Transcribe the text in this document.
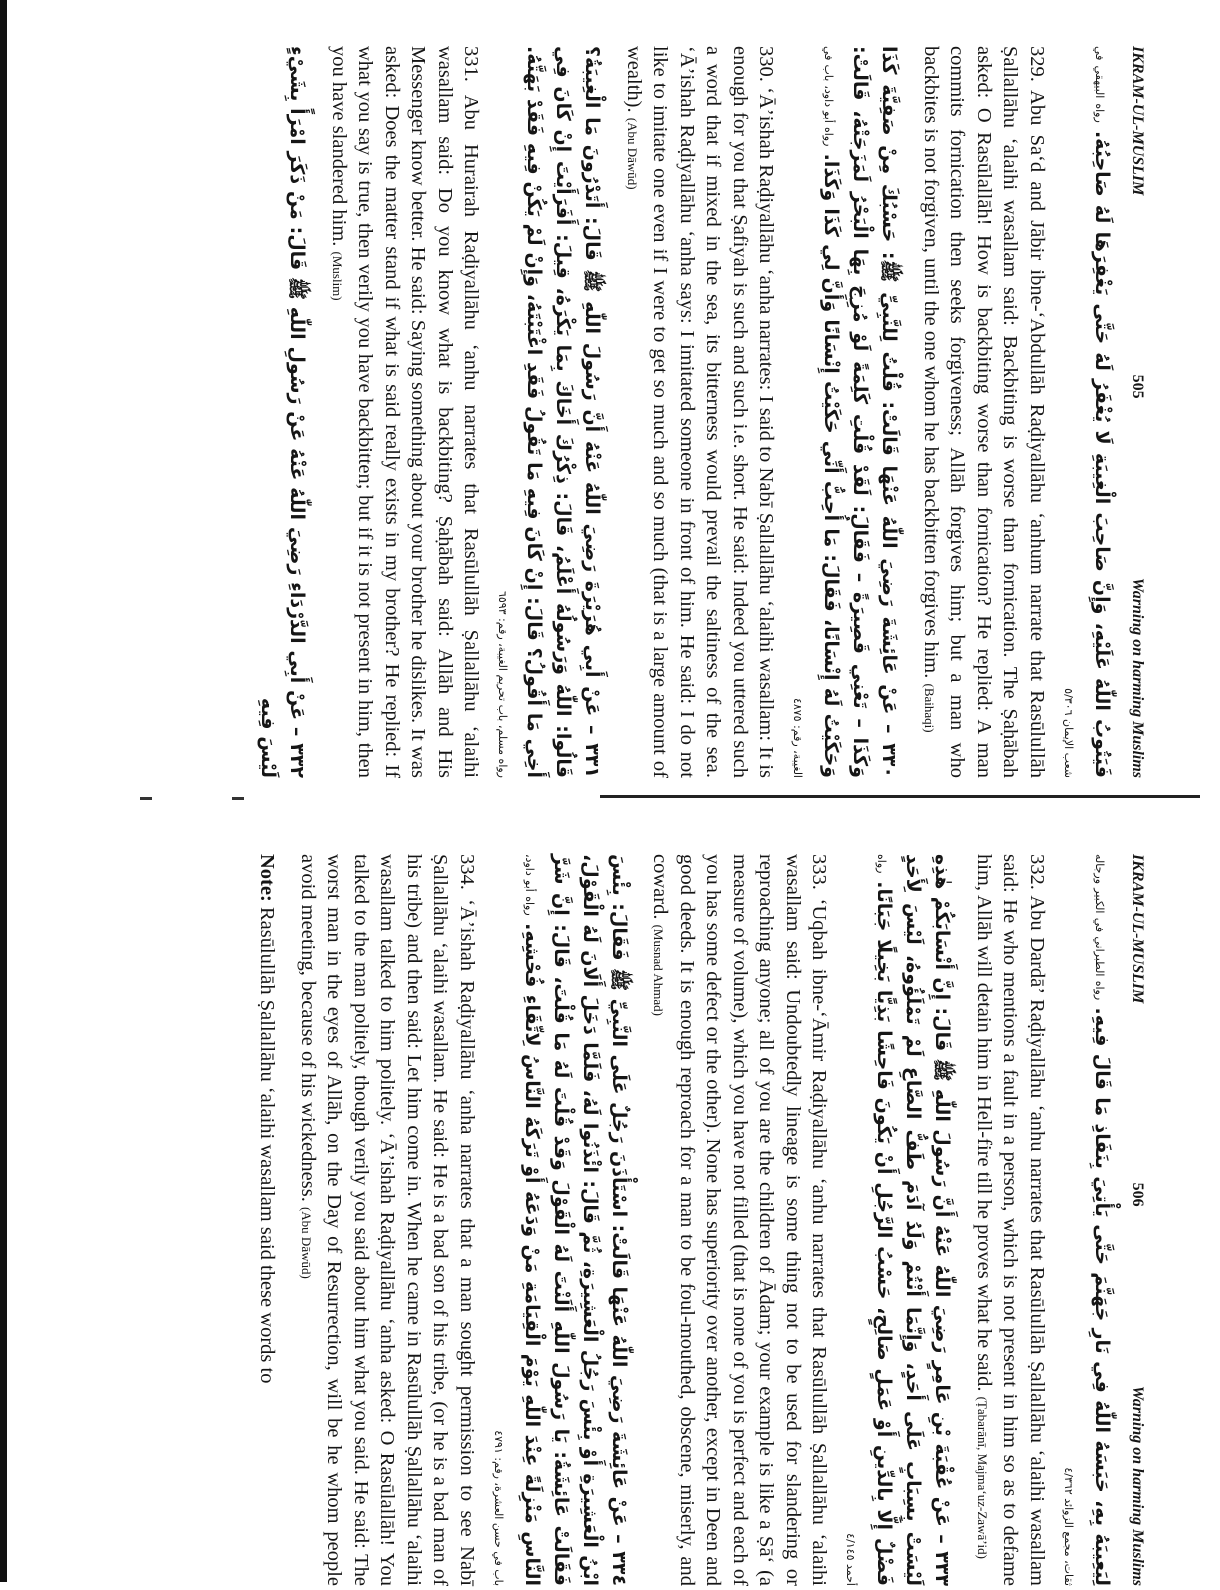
IKRAM-UL-MUSLIM
505
Warning on harming Muslims

فَيَتُوبُ اللّٰهُ عَلَيْهِ، وَإِنَّ صَاحِبَ الْغِيبَةِ لَا يُغْفَرُ لَهُ حَتَّى يَغْفِرَهَا لَهُ صَاحِبُهُ. رواه البيهقي في شعب الإيمان ٥/٣٠٦

329. Abu Sa‘d and Jābir ibne-‘Abdullāh Raḍiyallāhu ‘anhum narrate that Rasūlullāh Ṣallallāhu ‘alaihi wasallam said: Backbiting is worse than fornication. The Ṣaḥābah asked: O Rasūlallāh! How is backbiting worse than fornication? He replied: A man commits fornication then seeks forgiveness; Allāh forgives him; but a man who backbites is not forgiven, until the one whom he has backbitten forgives him. (Baihaqi)

٣٣٠ – عَنْ عَائِشَةَ رَضِيَ اللّٰهُ عَنْهَا قَالَتْ: قُلْتُ لِلنَّبِيِّ ﷺ: حَسْبُكَ مِنْ صَفِيَّةَ كَذَا وَكَذَا – تَعْنِي قَصِيرَةً – فَقَالَ: لَقَدْ قُلْتِ كَلِمَةً لَوْ مُزِجَ بِهَا الْبَحْرُ لَمَزَجَتْهُ، قَالَتْ: وَحَكَيْتُ لَهُ إِنْسَانًا، فَقَالَ: مَا أُحِبُّ أَنِّي حَكَيْتُ إِنْسَانًا وَأَنَّ لِي كَذَا وَكَذَا. رواه أبو داود، باب في الغيبة، رقم: ٤٨٧٥

330. ‘Ā’ishah Raḍiyallāhu ‘anha narrates: I said to Nabī Ṣallallāhu ‘alaihi wasallam: It is enough for you that Ṣafiyah is such and such i.e. short. He said: Indeed you uttered such a word that if mixed in the sea, its bitterness would prevail the saltiness of the sea. ‘Ā’ishah Raḍiyallāhu ‘anha says: I imitated someone in front of him. He said: I do not like to imitate one even if I were to get so much and so much (that is a large amount of wealth). (Abu Dāwūd)

٣٣١ – عَنْ أَبِي هُرَيْرَةَ رَضِيَ اللّٰهُ عَنْهُ أَنَّ رَسُولَ اللّٰهِ ﷺ قَالَ: أَتَدْرُونَ مَا الْغِيبَةُ؟ قَالُوا: اللّٰهُ وَرَسُولُهُ أَعْلَمُ، قَالَ: ذِكْرُكَ أَخَاكَ بِمَا يَكْرَهُ، قِيلَ: أَفَرَأَيْتَ إِنْ كَانَ فِي أَخِي مَا أَقُولُ؟ قَالَ: إِنْ كَانَ فِيهِ مَا تَقُولُ فَقَدِ اغْتَبْتَهُ، وَإِنْ لَمْ يَكُنْ فِيهِ فَقَدْ بَهَتَّهُ. رواه مسلم، باب تحريم الغيبة، رقم: ٦٥٩٣

331. Abu Hurairah Raḍiyallāhu ‘anhu narrates that Rasūlullāh Ṣallallāhu ‘alaihi wasallam said: Do you know what is backbiting? Ṣaḥābah said: Allāh and His Messenger know better. He said: Saying something about your brother he dislikes. It was asked: Does the matter stand if what is said really exists in my brother? He replied: If what you say is true, then verily you have backbitten; but if it is not present in him, then you have slandered him. (Muslim)

٣٣٢ – عَنْ أَبِي الدَّرْدَاءِ رَضِيَ اللّٰهُ عَنْهُ عَنْ رَسُولِ اللّٰهِ ﷺ قَالَ: مَنْ ذَكَرَ امْرَأً بِشَيْءٍ لَيْسَ فِيهِ

IKRAM-UL-MUSLIM
506
Warning on harming Muslims

لِيَعِيبَهُ بِهِ، حَبَسَهُ اللّٰهُ فِي نَارِ جَهَنَّمَ حَتَّى يَأْتِيَ بِنَفَاذِ مَا قَالَ فِيهِ. رواه الطبراني في الكبير ورجاله ثقات، مجمع الزوائد ٤/٣٦٢

332. Abu Dardā’ Raḍiyallāhu ‘anhu narrates that Rasūlullāh Ṣallallāhu ‘alaihi wasallam said: He who mentions a fault in a person, which is not present in him so as to defame him, Allāh will detain him in Hell-fire till he proves what he said. (Ṭabarānī, Majma‘uz-Zawā’id)

٣٣٣ – عَنْ عُقْبَةَ بْنِ عَامِرٍ رَضِيَ اللّٰهُ عَنْهُ أَنَّ رَسُولَ اللّٰهِ ﷺ قَالَ: إِنَّ أَنْسَابَكُمْ هٰذِهِ لَيْسَتْ بِسِبَابٍ عَلَى أَحَدٍ، وَإِنَّمَا أَنْتُمْ وَلَدُ آدَمَ طَفُّ الصَّاعِ لَمْ تَمْلَؤُوهُ، لَيْسَ لِأَحَدٍ فَضْلٌ إِلَّا بِالدِّينِ أَوْ عَمَلٍ صَالِحٍ، حَسْبُ الرَّجُلِ أَنْ يَكُونَ فَاحِشًا بَذِيًّا بَخِيلًا جَبَانًا. رواه أحمد ٤/١٤٥

333. ‘Uqbah ibne-‘Āmir Raḍiyallāhu ‘anhu narrates that Rasūlullāh Ṣallallāhu ‘alaihi wasallam said: Undoubtedly lineage is some thing not to be used for slandering or reproaching anyone; all of you are the children of Ādam; your example is like a Ṣā‘ (a measure of volume), which you have not filled (that is none of you is perfect and each of you has some defect or the other). None has superiority over another, except in Deen and good deeds. It is enough reproach for a man to be foul-mouthed, obscene, miserly, and coward. (Musnad Ahmad)

٣٣٤ – عَنْ عَائِشَةَ رَضِيَ اللّٰهُ عَنْهَا قَالَتْ: اسْتَأْذَنَ رَجُلٌ عَلَى النَّبِيِّ ﷺ فَقَالَ: بِئْسَ ابْنُ الْعَشِيرَةِ أَوْ بِئْسَ رَجُلُ الْعَشِيرَةِ، ثُمَّ قَالَ: ائْذَنُوا لَهُ، فَلَمَّا دَخَلَ أَلَانَ لَهُ الْقَوْلَ، فَقَالَتْ عَائِشَةُ: يَا رَسُولَ اللّٰهِ أَلَنْتَ لَهُ الْقَوْلَ وَقَدْ قُلْتَ لَهُ مَا قُلْتَ، قَالَ: إِنَّ شَرَّ النَّاسِ مَنْزِلَةً عِنْدَ اللّٰهِ يَوْمَ الْقِيَامَةِ مَنْ وَدَعَهُ أَوْ تَرَكَهُ النَّاسُ لِاتِّقَاءِ فُحْشِهِ. رواه أبو داود، باب في حسن العشرة، رقم: ٤٧٩١

334. ‘Ā’ishah Raḍiyallāhu ‘anha narrates that a man sought permission to see Nabī Ṣallallāhu ‘alaihi wasallam. He said: He is a bad son of his tribe, (or he is a bad man of his tribe) and then said: Let him come in. When he came in Rasūlullāh Ṣallallāhu ‘alaihi wasallam talked to him politely. ‘Ā’ishah Raḍiyallāhu ‘anha asked: O Rasūlallāh! You talked to the man politely, though verily you said about him what you said. He said: The worst man in the eyes of Allāh, on the Day of Resurrection, will be he whom people avoid meeting, because of his wickedness. (Abu Dāwūd)

Note: Rasūlullāh Ṣallallāhu ‘alaihi wasallam said these words to
